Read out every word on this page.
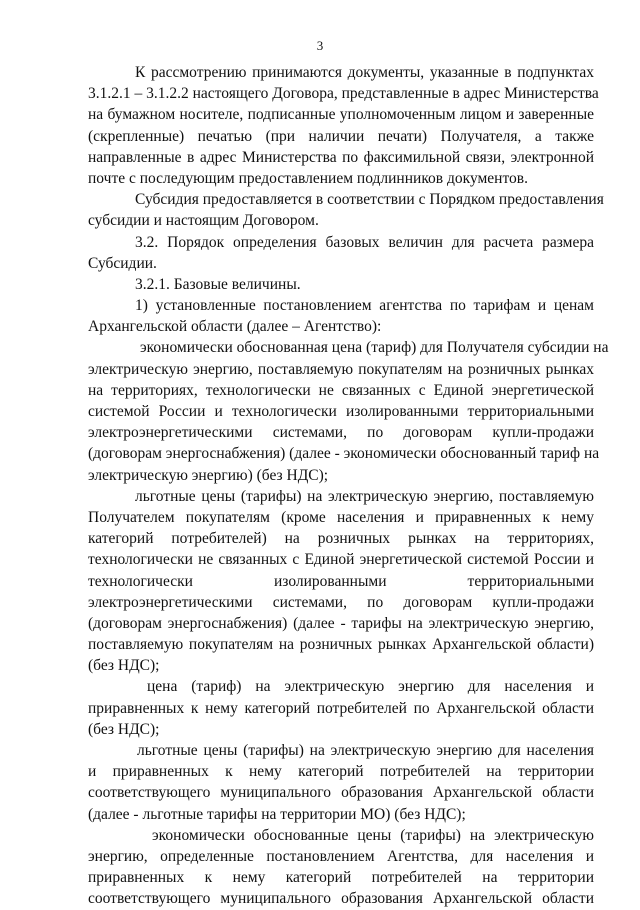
3
К рассмотрению принимаются документы, указанные в подпунктах
3.1.2.1 – 3.1.2.2 настоящего Договора, представленные в адрес Министерства
на бумажном носителе, подписанные уполномоченным лицом и заверенные
(скрепленные) печатью (при наличии печати) Получателя, а также
направленные в адрес Министерства по факсимильной связи, электронной
почте с последующим предоставлением подлинников документов.
Субсидия предоставляется в соответствии с Порядком предоставления
субсидии и настоящим Договором.
3.2. Порядок определения базовых величин для расчета размера
Субсидии.
3.2.1. Базовые величины.
1) установленные постановлением агентства по тарифам и ценам
Архангельской области (далее – Агентство):
экономически обоснованная цена (тариф) для Получателя субсидии на
электрическую энергию, поставляемую покупателям на розничных рынках
на территориях, технологически не связанных с Единой энергетической
системой России и технологически изолированными территориальными
электроэнергетическими системами, по договорам купли-продажи
(договорам энергоснабжения) (далее - экономически обоснованный тариф на
электрическую энергию) (без НДС);
льготные цены (тарифы) на электрическую энергию, поставляемую
Получателем покупателям (кроме населения и приравненных к нему
категорий потребителей) на розничных рынках на территориях,
технологически не связанных с Единой энергетической системой России и
технологически изолированными территориальными
электроэнергетическими системами, по договорам купли-продажи
(договорам энергоснабжения) (далее - тарифы на электрическую энергию,
поставляемую покупателям на розничных рынках Архангельской области)
(без НДС);
цена (тариф) на электрическую энергию для населения и
приравненных к нему категорий потребителей по Архангельской области
(без НДС);
льготные цены (тарифы) на электрическую энергию для населения
и приравненных к нему категорий потребителей на территории
соответствующего муниципального образования Архангельской области
(далее - льготные тарифы на территории МО) (без НДС);
экономически обоснованные цены (тарифы) на электрическую
энергию, определенные постановлением Агентства, для населения и
приравненных к нему категорий потребителей на территории
соответствующего муниципального образования Архангельской области
